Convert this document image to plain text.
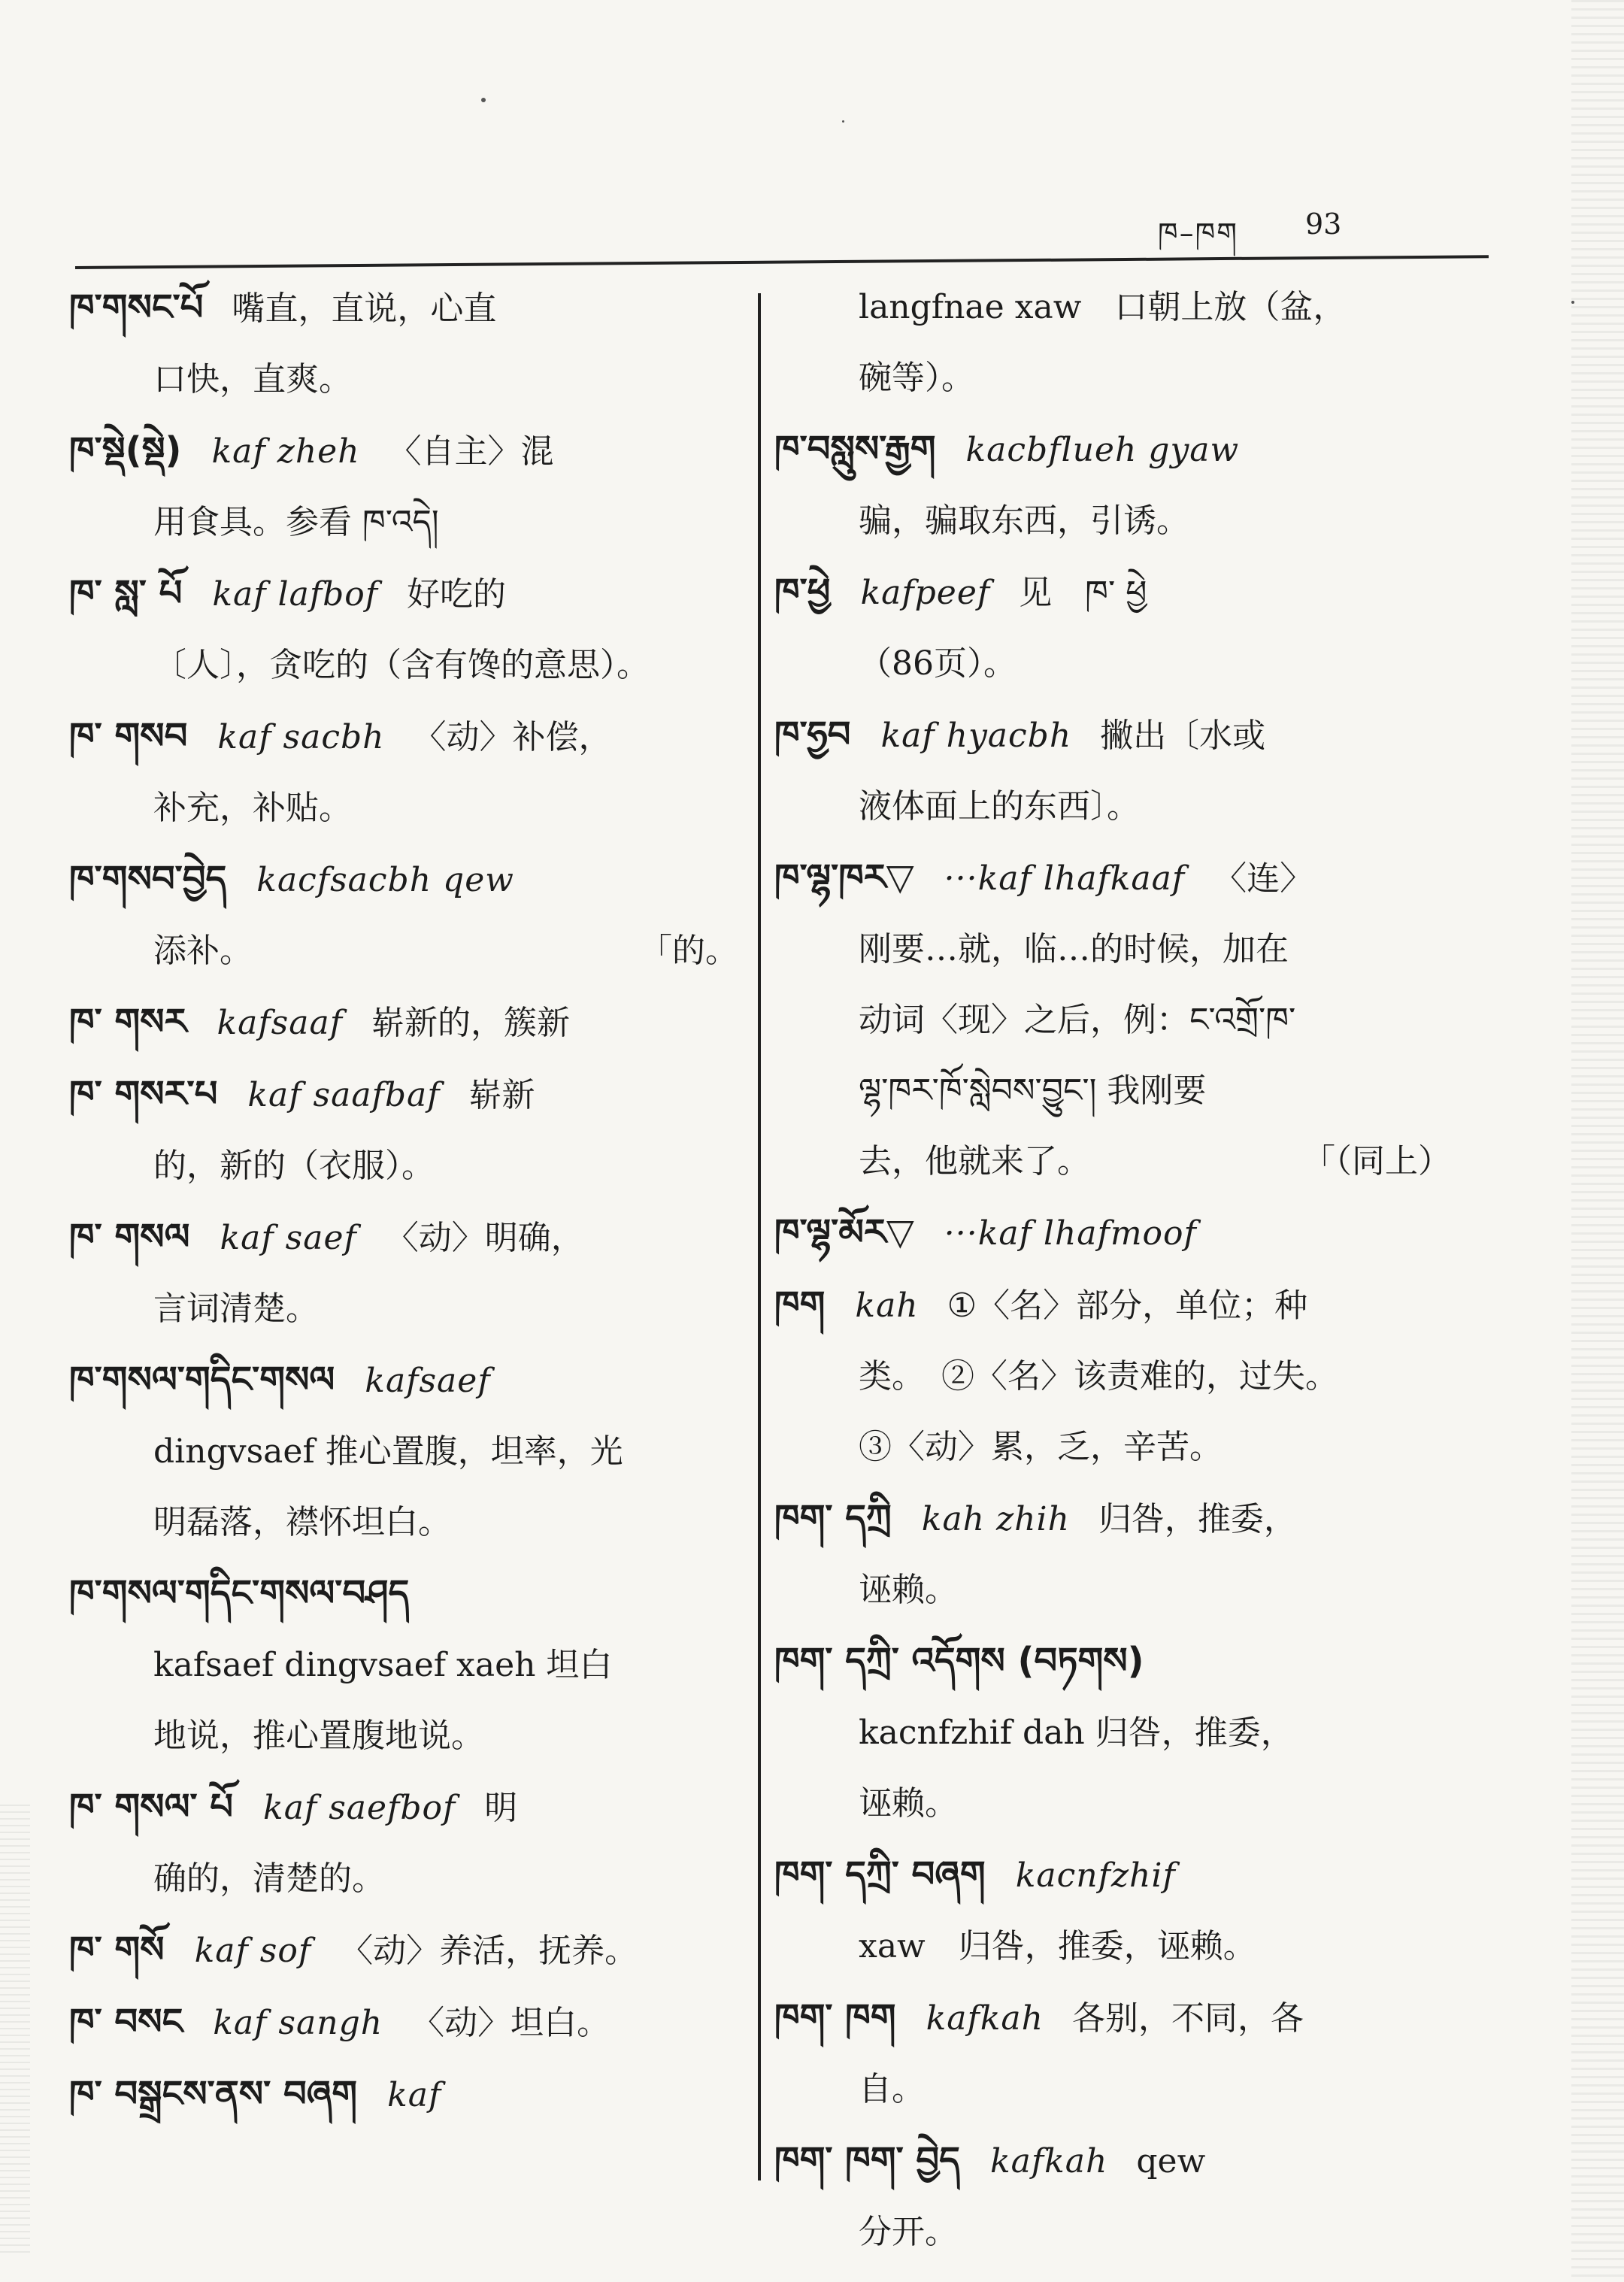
ཁ–ཁག 93
ཁ་གསང་པོ 嘴直，直说，心直
口快，直爽。
ཁ་སྡེ(སྡེ) kaf zheh 〈自主〉混
用食具。参看 ཁ་འདེ།
ཁ་ སླ་ པོ kaf lafbof 好吃的
〔人〕，贪吃的（含有馋的意思）。
ཁ་ གསབ kaf sacbh 〈动〉补偿，
补充，补贴。
ཁ་གསབ་བྱེད kacfsacbh qew
添补。	「的。
ཁ་ གསར kafsaaf 崭新的，簇新
ཁ་ གསར་པ kaf saafbaf 崭新
的，新的（衣服）。
ཁ་ གསལ kaf saef 〈动〉明确，
言词清楚。
ཁ་གསལ་གདིང་གསལ kafsaef
dingvsaef 推心置腹，坦率，光
明磊落，襟怀坦白。
ཁ་གསལ་གདིང་གསལ་བཤད
kafsaef dingvsaef xaeh 坦白
地说，推心置腹地说。
ཁ་ གསལ་ པོ kaf saefbof 明
确的，清楚的。
ཁ་ གསོ kaf sof 〈动〉养活，抚养。
ཁ་ བསང kaf sangh 〈动〉坦白。
ཁ་ བསྒྲངས་ནས་ བཞག kaf
langfnae xaw　口朝上放（盆，
碗等）。
ཁ་བསླུས་རྒྱག kacbflueh gyaw
骗，骗取东西，引诱。
ཁ་ཕྱེ kafpeef 见　ཁ་ ཕྱེ
（86页）。
ཁ་ཧྱབ kaf hyacbh 撇出〔水或
液体面上的东西〕。
ཁ་ལྷ་ཁར▽ ···kaf lhafkaaf 〈连〉
刚要…就，临…的时候，加在
动词〈现〉之后，例：ང་འགྲོ་ཁ་
ལྷ་ཁར་ཁོ་སླེབས་བྱུང་། 我刚要
去，他就来了。	「（同上）
ཁ་ལྷ་མོར▽ ···kaf lhafmoof
ཁག kah ①〈名〉部分，单位；种
类。　②〈名〉该责难的，过失。
③〈动〉累，乏，辛苦。
ཁག་ དཀྲི kah zhih 归咎，推委，
诬赖。
ཁག་ དཀྲི་ འདོགས (བཏགས)
kacnfzhif dah 归咎，推委，
诬赖。
ཁག་ དཀྲི་ བཞག kacnfzhif
xaw　归咎，推委，诬赖。
ཁག་ ཁག kafkah 各别，不同，各
自。
ཁག་ ཁག་ བྱེད kafkah qew
分开。
